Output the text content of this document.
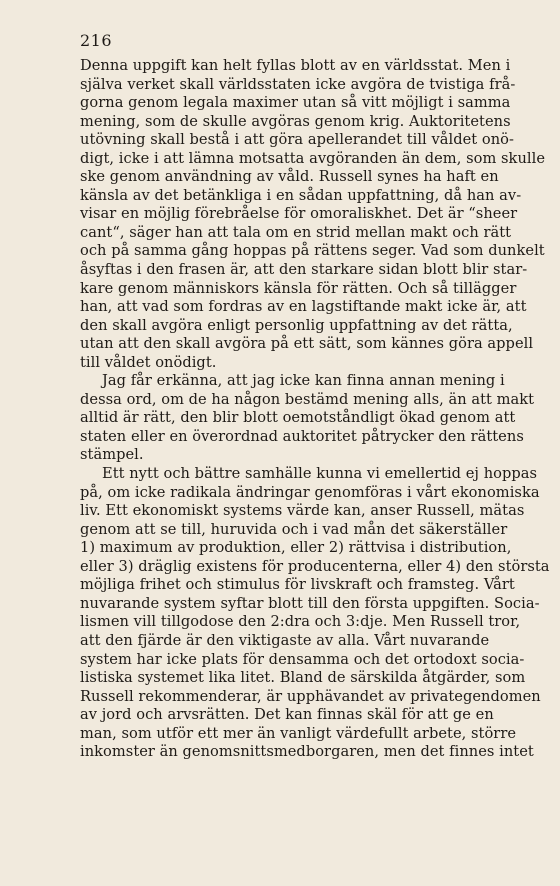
216
Denna uppgift kan helt fyllas blott av en världsstat. Men i
själva verket skall världsstaten icke avgöra de tvistiga frå-
gorna genom legala maximer utan så vitt möjligt i samma
mening, som de skulle avgöras genom krig. Auktoritetens
utövning skall bestå i att göra apellerandet till våldet onö-
digt, icke i att lämna motsatta avgöranden än dem, som skulle
ske genom användning av våld. Russell synes ha haft en
känsla av det betänkliga i en sådan uppfattning, då han av-
visar en möjlig förebråelse för omoraliskhet. Det är “sheer
cant“, säger han att tala om en strid mellan makt och rätt
och på samma gång hoppas på rättens seger. Vad som dunkelt
åsyftas i den frasen är, att den starkare sidan blott blir star-
kare genom människors känsla för rätten. Och så tillägger
han, att vad som fordras av en lagstiftande makt icke är, att
den skall avgöra enligt personlig uppfattning av det rätta,
utan att den skall avgöra på ett sätt, som kännes göra appell
till våldet onödigt.
Jag får erkänna, att jag icke kan finna annan mening i
dessa ord, om de ha någon bestämd mening alls, än att makt
alltid är rätt, den blir blott oemotståndligt ökad genom att
staten eller en överordnad auktoritet påtrycker den rättens
stämpel.
Ett nytt och bättre samhälle kunna vi emellertid ej hoppas
på, om icke radikala ändringar genomföras i vårt ekonomiska
liv. Ett ekonomiskt systems värde kan, anser Russell, mätas
genom att se till, huruvida och i vad mån det säkerställer
1) maximum av produktion, eller 2) rättvisa i distribution,
eller 3) dräglig existens för producenterna, eller 4) den största
möjliga frihet och stimulus för livskraft och framsteg. Vårt
nuvarande system syftar blott till den första uppgiften. Socia-
lismen vill tillgodose den 2:dra och 3:dje. Men Russell tror,
att den fjärde är den viktigaste av alla. Vårt nuvarande
system har icke plats för densamma och det ortodoxt socia-
listiska systemet lika litet. Bland de särskilda åtgärder, som
Russell rekommenderar, är upphävandet av privategendomen
av jord och arvsrätten. Det kan finnas skäl för att ge en
man, som utför ett mer än vanligt värdefullt arbete, större
inkomster än genomsnittsmedborgaren, men det finnes intet
